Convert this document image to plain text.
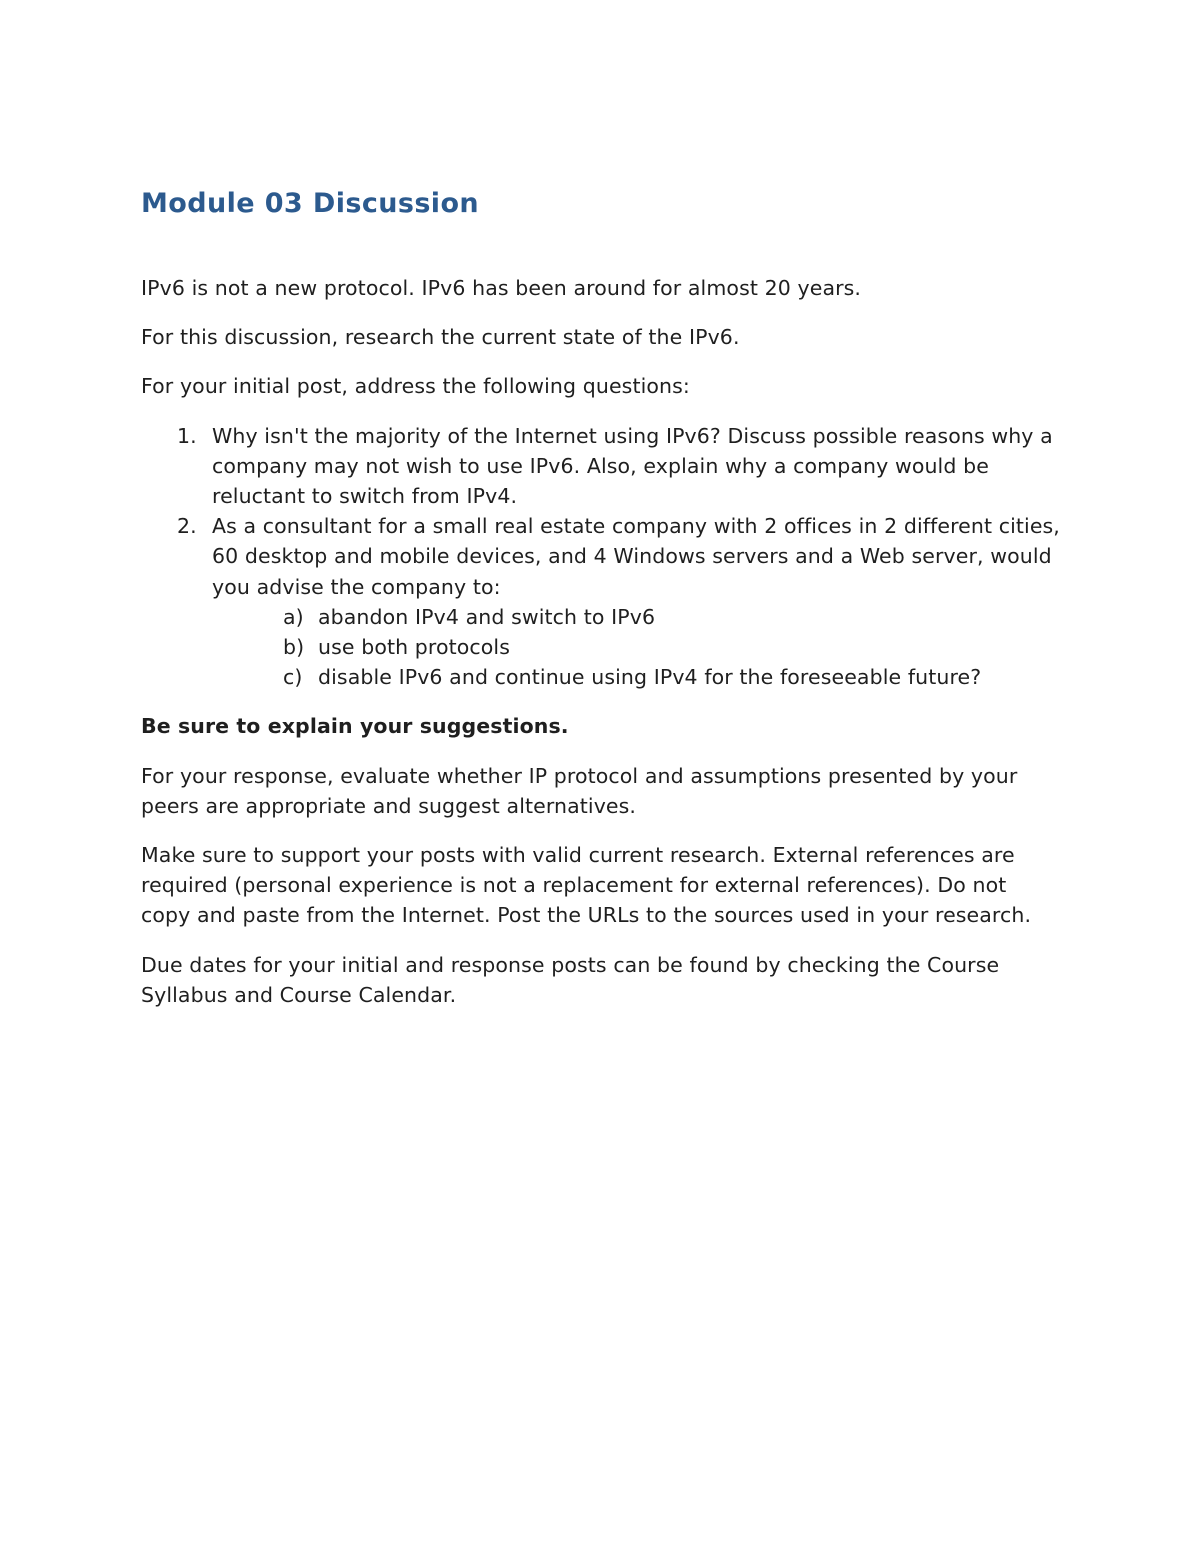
Module 03 Discussion

IPv6 is not a new protocol. IPv6 has been around for almost 20 years.

For this discussion, research the current state of the IPv6.

For your initial post, address the following questions:

1. Why isn't the majority of the Internet using IPv6? Discuss possible reasons why a company may not wish to use IPv6. Also, explain why a company would be reluctant to switch from IPv4.
2. As a consultant for a small real estate company with 2 offices in 2 different cities, 60 desktop and mobile devices, and 4 Windows servers and a Web server, would you advise the company to:
a) abandon IPv4 and switch to IPv6
b) use both protocols
c) disable IPv6 and continue using IPv4 for the foreseeable future?

Be sure to explain your suggestions.

For your response, evaluate whether IP protocol and assumptions presented by your peers are appropriate and suggest alternatives.

Make sure to support your posts with valid current research. External references are required (personal experience is not a replacement for external references). Do not copy and paste from the Internet. Post the URLs to the sources used in your research.

Due dates for your initial and response posts can be found by checking the Course Syllabus and Course Calendar.
